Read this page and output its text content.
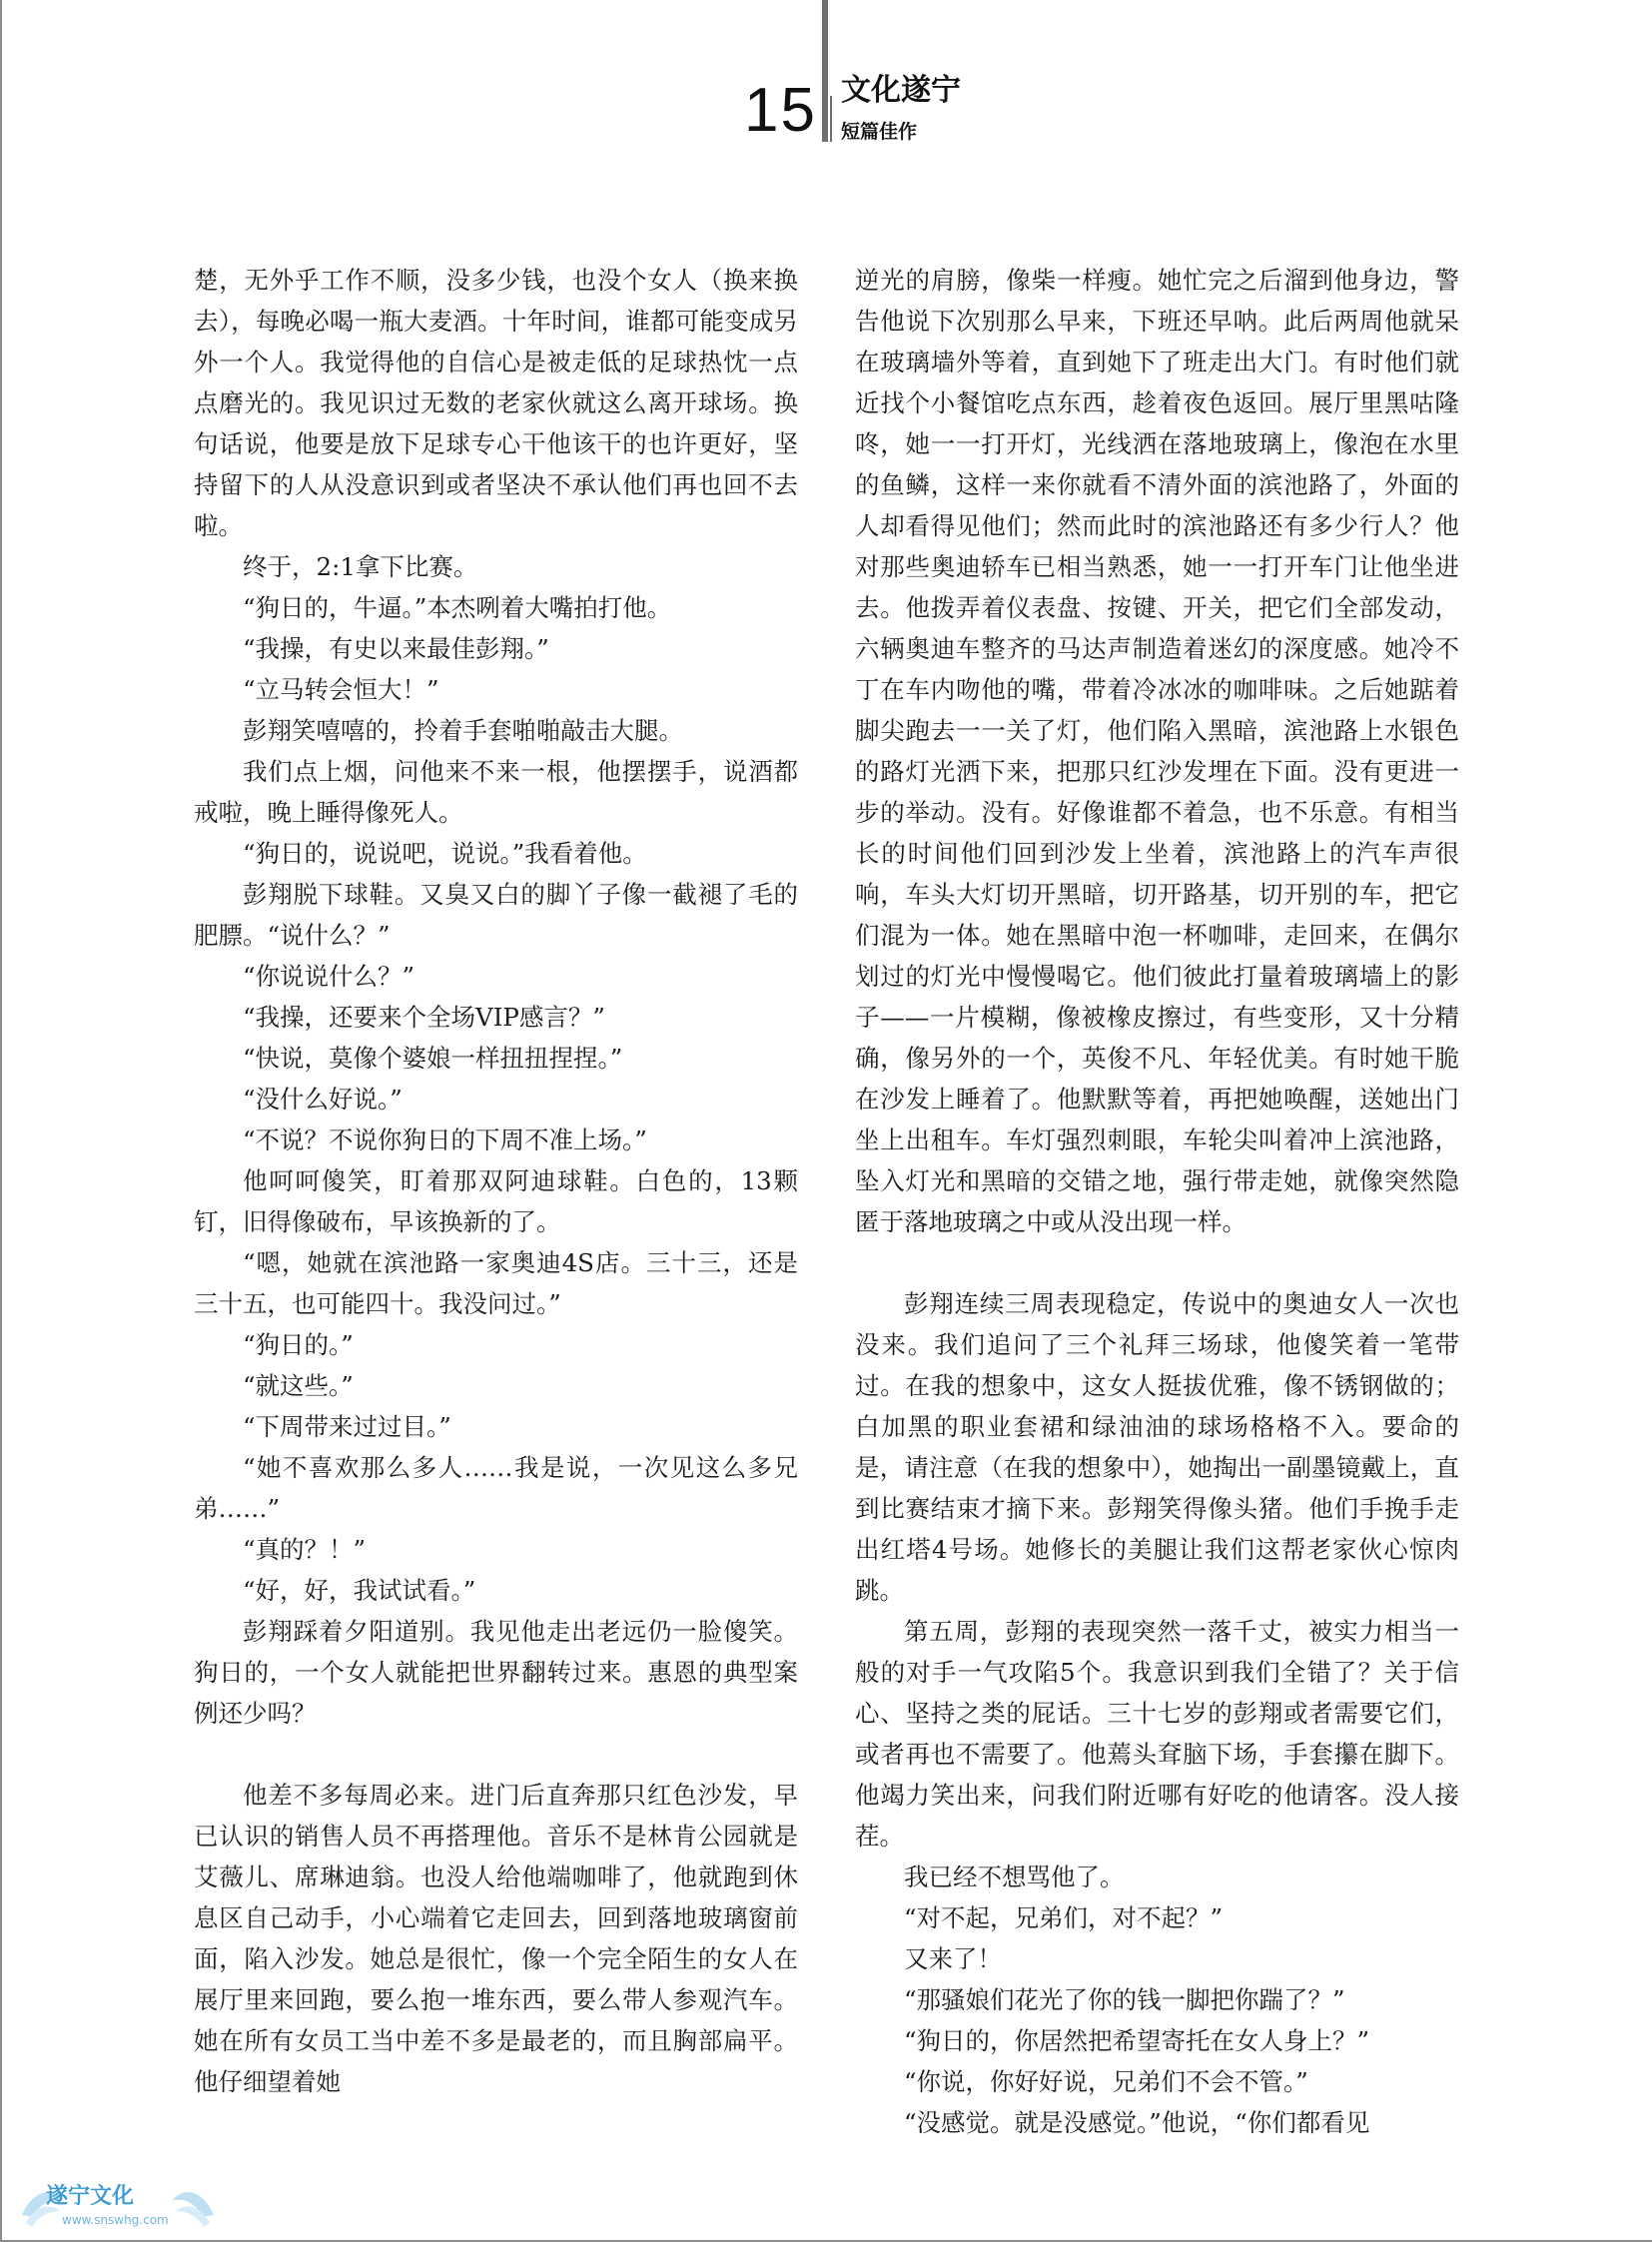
15 文化遂宁
短篇佳作

楚，无外乎工作不顺，没多少钱，也没个女人（换来换去），每晚必喝一瓶大麦酒。十年时间，谁都可能变成另外一个人。我觉得他的自信心是被走低的足球热忱一点点磨光的。我见识过无数的老家伙就这么离开球场。换句话说，他要是放下足球专心干他该干的也许更好，坚持留下的人从没意识到或者坚决不承认他们再也回不去啦。

终于，2:1拿下比赛。

“狗日的，牛逼。”本杰咧着大嘴拍打他。

“我操，有史以来最佳彭翔。”

“立马转会恒大！”

彭翔笑嘻嘻的，拎着手套啪啪敲击大腿。

我们点上烟，问他来不来一根，他摆摆手，说酒都戒啦，晚上睡得像死人。

“狗日的，说说吧，说说。”我看着他。

彭翔脱下球鞋。又臭又白的脚丫子像一截褪了毛的肥膘。“说什么？”

“你说说什么？”

“我操，还要来个全场VIP感言？”

“快说，莫像个婆娘一样扭扭捏捏。”

“没什么好说。”

“不说？不说你狗日的下周不准上场。”

他呵呵傻笑，盯着那双阿迪球鞋。白色的，13颗钉，旧得像破布，早该换新的了。

“嗯，她就在滨池路一家奥迪4S店。三十三，还是三十五，也可能四十。我没问过。”

“狗日的。”

“就这些。”

“下周带来过过目。”

“她不喜欢那么多人……我是说，一次见这么多兄弟……”

“真的？！”

“好，好，我试试看。”

彭翔踩着夕阳道别。我见他走出老远仍一脸傻笑。狗日的，一个女人就能把世界翻转过来。惠恩的典型案例还少吗？

他差不多每周必来。进门后直奔那只红色沙发，早已认识的销售人员不再搭理他。音乐不是林肯公园就是艾薇儿、席琳迪翁。也没人给他端咖啡了，他就跑到休息区自己动手，小心端着它走回去，回到落地玻璃窗前面，陷入沙发。她总是很忙，像一个完全陌生的女人在展厅里来回跑，要么抱一堆东西，要么带人参观汽车。她在所有女员工当中差不多是最老的，而且胸部扁平。他仔细望着她

逆光的肩膀，像柴一样瘦。她忙完之后溜到他身边，警告他说下次别那么早来，下班还早呐。此后两周他就呆在玻璃墙外等着，直到她下了班走出大门。有时他们就近找个小餐馆吃点东西，趁着夜色返回。展厅里黑咕隆咚，她一一打开灯，光线洒在落地玻璃上，像泡在水里的鱼鳞，这样一来你就看不清外面的滨池路了，外面的人却看得见他们；然而此时的滨池路还有多少行人？他对那些奥迪轿车已相当熟悉，她一一打开车门让他坐进去。他拨弄着仪表盘、按键、开关，把它们全部发动，六辆奥迪车整齐的马达声制造着迷幻的深度感。她冷不丁在车内吻他的嘴，带着冷冰冰的咖啡味。之后她踮着脚尖跑去一一关了灯，他们陷入黑暗，滨池路上水银色的路灯光洒下来，把那只红沙发埋在下面。没有更进一步的举动。没有。好像谁都不着急，也不乐意。有相当长的时间他们回到沙发上坐着，滨池路上的汽车声很响，车头大灯切开黑暗，切开路基，切开别的车，把它们混为一体。她在黑暗中泡一杯咖啡，走回来，在偶尔划过的灯光中慢慢喝它。他们彼此打量着玻璃墙上的影子——一片模糊，像被橡皮擦过，有些变形，又十分精确，像另外的一个，英俊不凡、年轻优美。有时她干脆在沙发上睡着了。他默默等着，再把她唤醒，送她出门坐上出租车。车灯强烈刺眼，车轮尖叫着冲上滨池路，坠入灯光和黑暗的交错之地，强行带走她，就像突然隐匿于落地玻璃之中或从没出现一样。

彭翔连续三周表现稳定，传说中的奥迪女人一次也没来。我们追问了三个礼拜三场球，他傻笑着一笔带过。在我的想象中，这女人挺拔优雅，像不锈钢做的；白加黑的职业套裙和绿油油的球场格格不入。要命的是，请注意（在我的想象中），她掏出一副墨镜戴上，直到比赛结束才摘下来。彭翔笑得像头猪。他们手挽手走出红塔4号场。她修长的美腿让我们这帮老家伙心惊肉跳。

第五周，彭翔的表现突然一落千丈，被实力相当一般的对手一气攻陷5个。我意识到我们全错了？关于信心、坚持之类的屁话。三十七岁的彭翔或者需要它们，或者再也不需要了。他蔫头耷脑下场，手套攥在脚下。他竭力笑出来，问我们附近哪有好吃的他请客。没人接茬。

我已经不想骂他了。

“对不起，兄弟们，对不起？”

又来了！

“那骚娘们花光了你的钱一脚把你踹了？”

“狗日的，你居然把希望寄托在女人身上？”

“你说，你好好说，兄弟们不会不管。”

“没感觉。就是没感觉。”他说，“你们都看见

遂宁文化
www.snswhg.com
